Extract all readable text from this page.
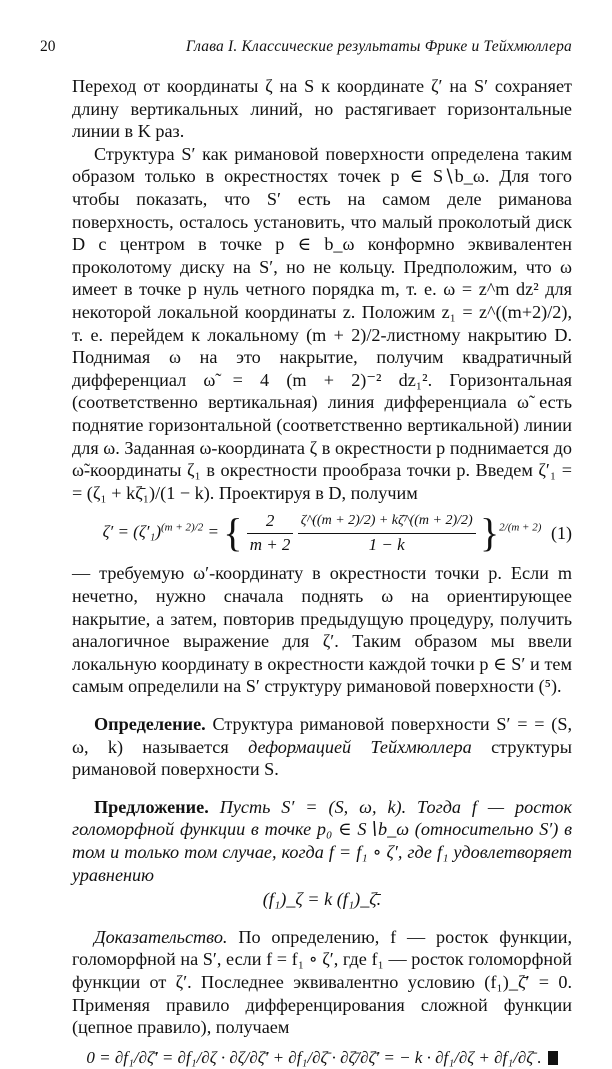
20	Глава I. Классические результаты Фрике и Тейхмюллера

Переход от координаты ζ на S к координате ζ′ на S′ сохраняет длину вертикальных линий, но растягивает горизонтальные линии в K раз.

Структура S′ как римановой поверхности определена таким образом только в окрестностях точек p ∈ S∖b_ω. Для того чтобы показать, что S′ есть на самом деле риманова поверхность, осталось установить, что малый проколотый диск D с центром в точке p ∈ b_ω конформно эквивалентен проколотому диску на S′, но не кольцу. Предположим, что ω имеет в точке p нуль четного порядка m, т. е. ω = z^m dz² для некоторой локальной координаты z. Положим z₁ = z^((m+2)/2), т. е. перейдем к локальному (m + 2)/2-листному накрытию D. Поднимая ω на это накрытие, получим квадратичный дифференциал ω̃ = 4 (m + 2)⁻² dz₁². Горизонтальная (соответственно вертикальная) линия дифференциала ω̃ есть поднятие горизонтальной (соответственно вертикальной) линии для ω. Заданная ω-координата ζ в окрестности p поднимается до ω̃-координаты ζ₁ в окрестности прообраза точки p. Введем ζ′₁ = = (ζ₁ + kζ̄₁)/(1 − k). Проектируя в D, получим

$\zeta' = (\zeta'_1)^{(m + 2)/2}$ = { $\frac{2}{m + 2}$
$\frac{\zeta\^{}((m + 2)/2) + k\zetā\^{}((m + 2)/2)}{1 - k} \}^{2/(m + 2)}$ (1)

— требуемую ω′-координату в окрестности точки p. Если m нечетно, нужно сначала поднять ω на ориентирующее накрытие, а затем, повторив предыдущую процедуру, получить аналогичное выражение для ζ′. Таким образом мы ввели локальную координату в окрестности каждой точки p ∈ S′ и тем самым определили на S′ структуру римановой поверхности (⁵).

Определение. Структура римановой поверхности S′ = = (S, ω, k) называется деформацией Тейхмюллера структуры римановой поверхности S.

Предложение. Пусть S′ = (S, ω, k). Тогда f — росток голоморфной функции в точке p₀ ∈ S∖b_ω (относительно S′) в том и только том случае, когда f = f₁ ∘ ζ′, где f₁ удовлетворяет уравнению

(f₁)_ζ = k (f₁)_ζ̄.

Доказательство. По определению, f — росток функции, голоморфной на S′, если f = f₁ ∘ ζ′, где f₁ — росток голоморфной функции от ζ′. Последнее эквивалентно условию (f₁)_ζ̄′ = 0. Применяя правило дифференцирования сложной функции (цепное правило), получаем

0 = ∂f₁/∂ζ̄′ = ∂f₁/∂ζ · ∂ζ/∂ζ̄′ + ∂f₁/∂ζ̄ · ∂ζ̄/∂ζ̄′ = − k · ∂f₁/∂ζ + ∂f₁/∂ζ̄ .
